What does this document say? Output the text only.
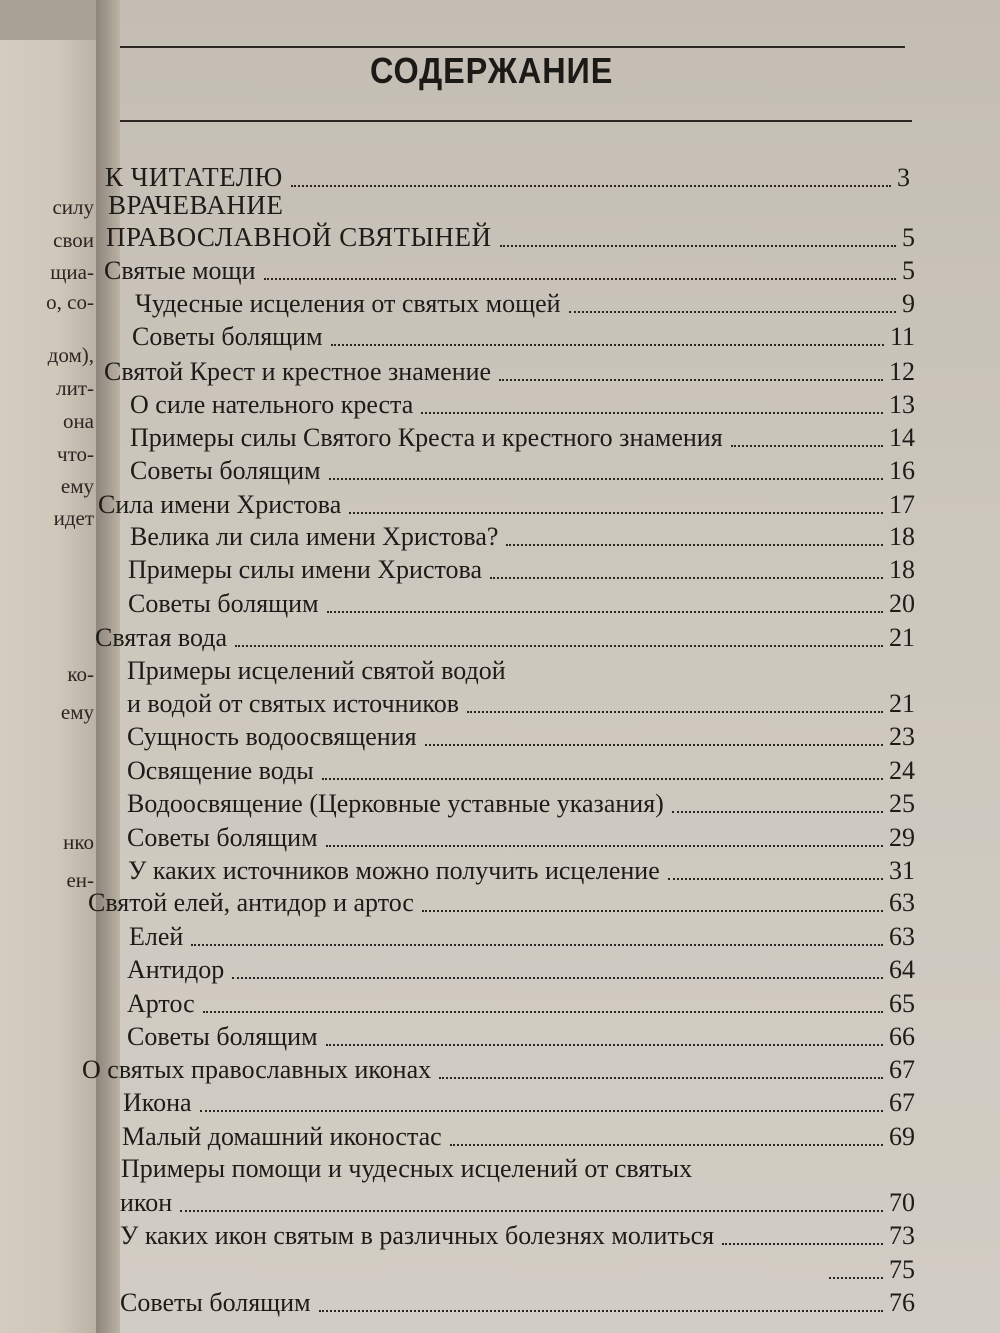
силу
свои
щиа-
о, со-
дом),
лит-
она
что-
ему
идет
ко-
ему
нко
ен-
СОДЕРЖАНИЕ
К ЧИТАТЕЛЮ	3
ВРАЧЕВАНИЕ
ПРАВОСЛАВНОЙ СВЯТЫНЕЙ	5
Святые мощи	5
Чудесные исцеления от святых мощей	9
Советы болящим	11
Святой Крест и крестное знамение	12
О силе нательного креста	13
Примеры силы Святого Креста и крестного знамения	14
Советы болящим	16
Сила имени Христова	17
Велика ли сила имени Христова?	18
Примеры силы имени Христова	18
Советы болящим	20
Святая вода	21
Примеры исцелений святой водой
и водой от святых источников	21
Сущность водоосвящения	23
Освящение воды	24
Водоосвящение (Церковные уставные указания)	25
Советы болящим	29
У каких источников можно получить исцеление	31
Святой елей, антидор и артос	63
Елей	63
Антидор	64
Артос	65
Советы болящим	66
О святых православных иконах	67
Икона	67
Малый домашний иконостас	69
Примеры помощи и чудесных исцелений от святых
икон	70
У каких икон святым в различных болезнях молиться	73
75
Советы болящим	76
